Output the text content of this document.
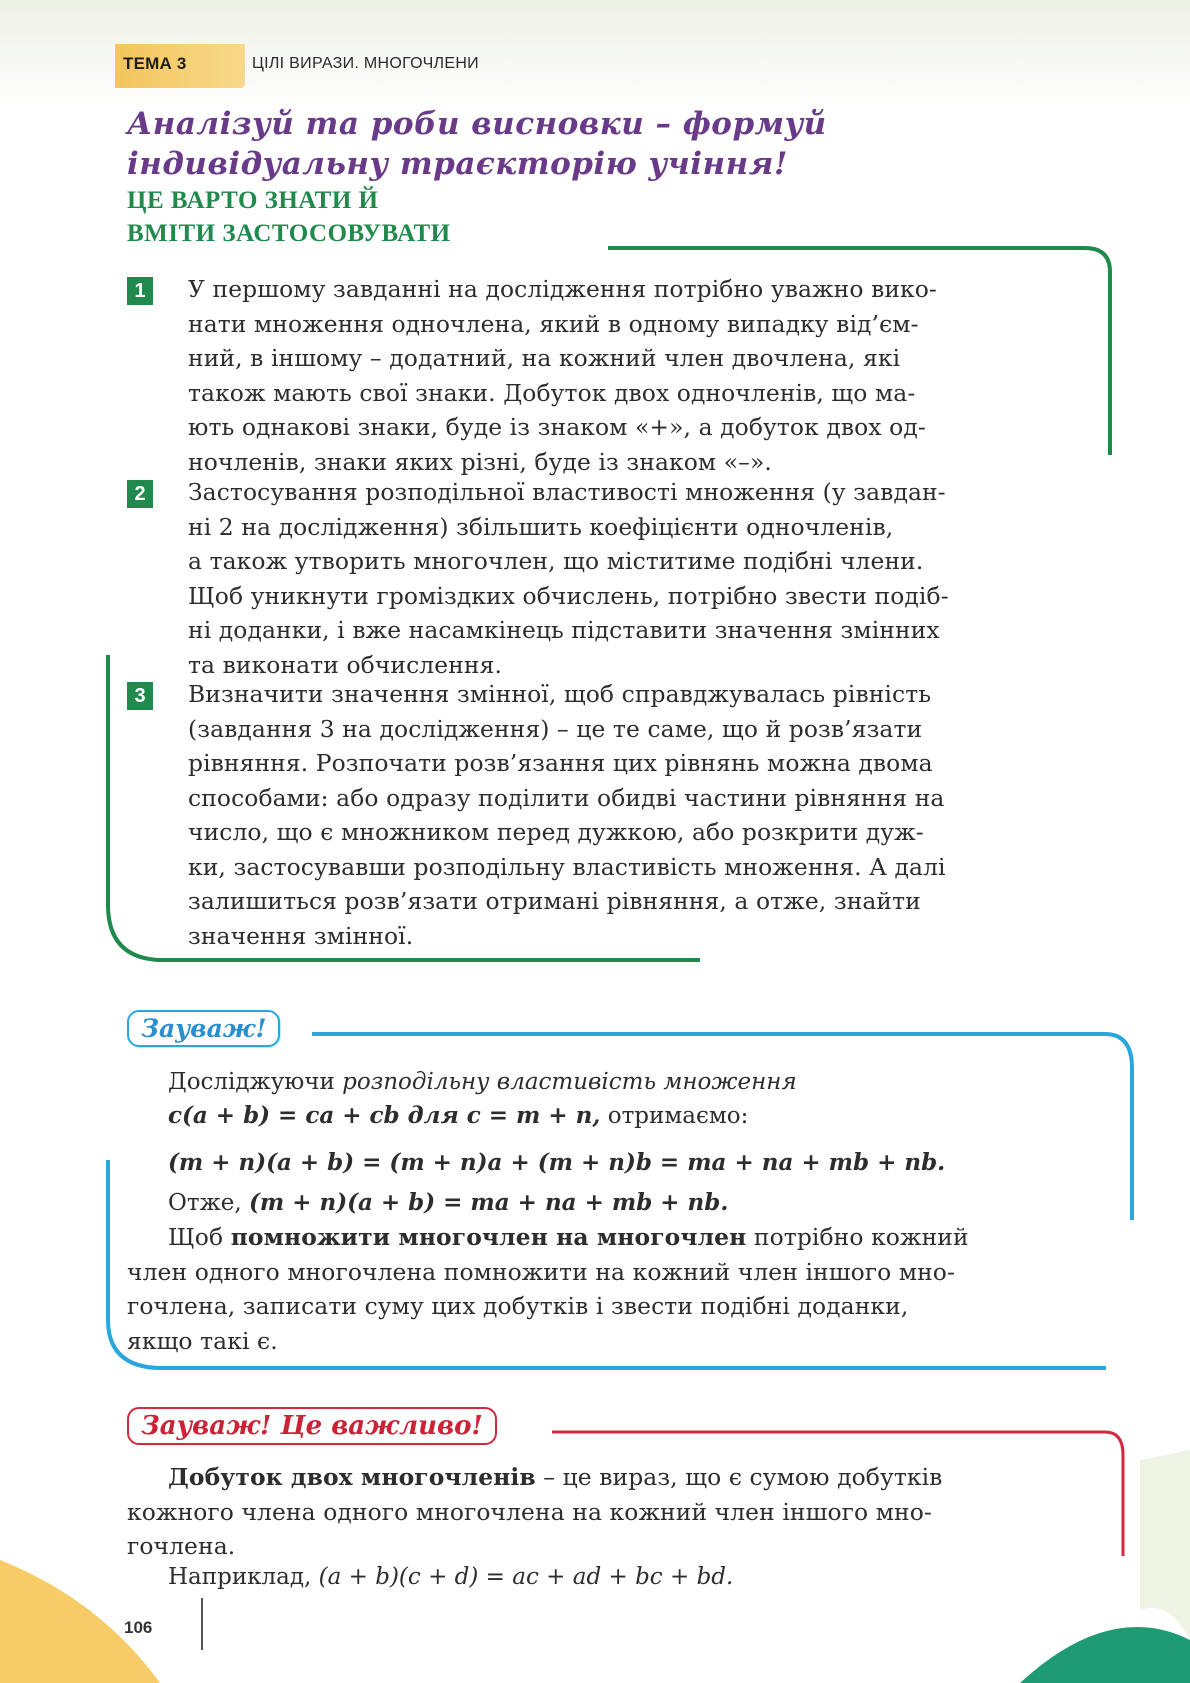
ТЕМА 3	ЦІЛІ ВИРАЗИ. МНОГОЧЛЕНИ
Аналізуй та роби висновки – формуй індивідуальну траєкторію учіння!
ЦЕ ВАРТО ЗНАТИ Й
ВМІТИ ЗАСТОСОВУВАТИ
1	У першому завданні на дослідження потрібно уважно вико-
нати множення одночлена, який в одному випадку від’єм-
ний, в іншому – додатний, на кожний член двочлена, які
також мають свої знаки. Добуток двох одночленів, що ма-
ють однакові знаки, буде із знаком «+», а добуток двох од-
ночленів, знаки яких різні, буде із знаком «–».
2	Застосування розподільної властивості множення (у завдан-
ні 2 на дослідження) збільшить коефіцієнти одночленів,
а також утворить многочлен, що міститиме подібні члени.
Щоб уникнути громіздких обчислень, потрібно звести подіб-
ні доданки, і вже насамкінець підставити значення змінних
та виконати обчислення.
3	Визначити значення змінної, щоб справджувалась рівність
(завдання 3 на дослідження) – це те саме, що й розв’язати
рівняння. Розпочати розв’язання цих рівнянь можна двома
способами: або одразу поділити обидві частини рівняння на
число, що є множником перед дужкою, або розкрити дуж-
ки, застосувавши розподільну властивість множення. А далі
залишиться розв’язати отримані рівняння, а отже, знайти
значення змінної.
Зауваж!
Досліджуючи розподільну властивість множення
c(a + b) = ca + cb для c = m + n, отримаємо:
(m + n)(a + b) = (m + n)a + (m + n)b = ma + na + mb + nb.
Отже, (m + n)(a + b) = ma + na + mb + nb.
Щоб помножити многочлен на многочлен потрібно кожний
член одного многочлена помножити на кожний член іншого мно-
гочлена, записати суму цих добутків і звести подібні доданки,
якщо такі є.
Зауваж! Це важливо!
Добуток двох многочленів – це вираз, що є сумою добутків
кожного члена одного многочлена на кожний член іншого мно-
гочлена.
Наприклад, (a + b)(c + d) = ac + ad + bc + bd.
106
